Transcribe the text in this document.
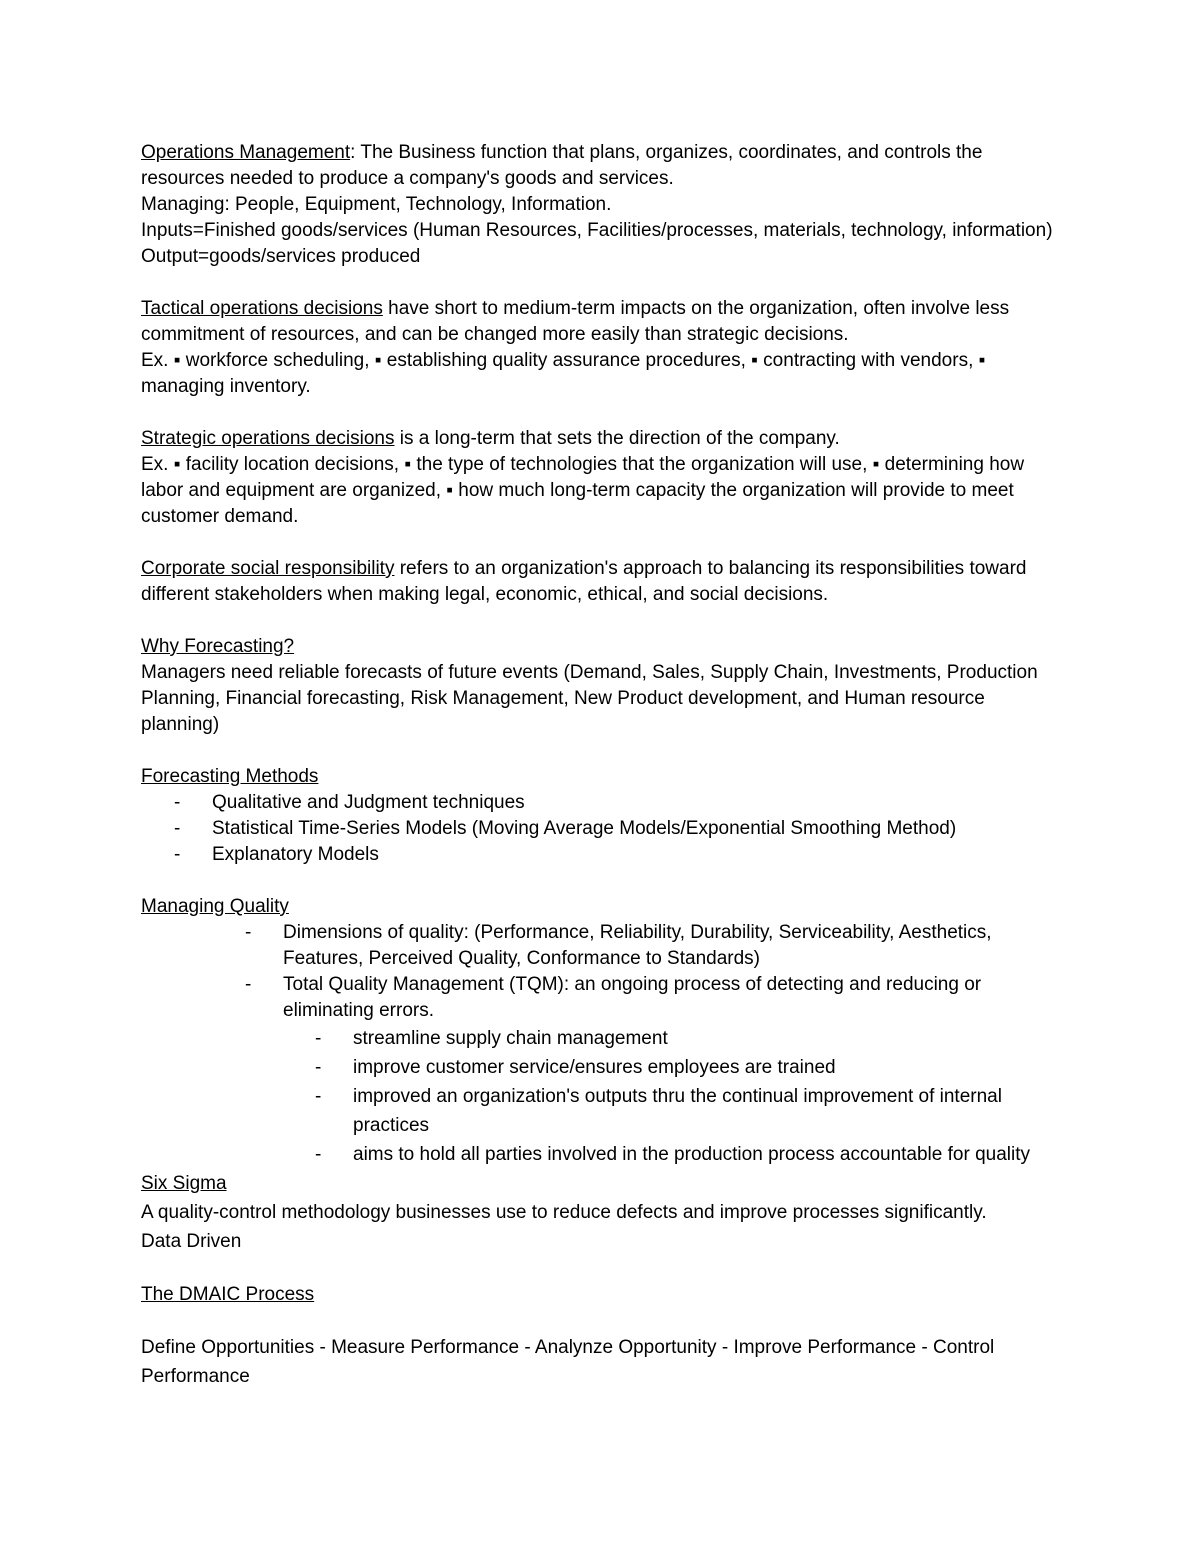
Operations Management: The Business function that plans, organizes, coordinates, and controls the resources needed to produce a company's goods and services.

Managing: People, Equipment, Technology, Information.

Inputs=Finished goods/services (Human Resources, Facilities/processes, materials, technology, information)

Output=goods/services produced

Tactical operations decisions have short to medium-term impacts on the organization, often involve less commitment of resources, and can be changed more easily than strategic decisions.

Ex. ▪ workforce scheduling, ▪ establishing quality assurance procedures, ▪ contracting with vendors, ▪ managing inventory.

Strategic operations decisions is a long-term that sets the direction of the company.

Ex. ▪ facility location decisions, ▪ the type of technologies that the organization will use, ▪ determining how labor and equipment are organized, ▪ how much long-term capacity the organization will provide to meet customer demand.

Corporate social responsibility refers to an organization's approach to balancing its responsibilities toward different stakeholders when making legal, economic, ethical, and social decisions.

Why Forecasting?

Managers need reliable forecasts of future events (Demand, Sales, Supply Chain, Investments, Production Planning, Financial forecasting, Risk Management, New Product development, and Human resource planning)

Forecasting Methods

- Qualitative and Judgment techniques
- Statistical Time-Series Models (Moving Average Models/Exponential Smoothing Method)
- Explanatory Models

Managing Quality

- Dimensions of quality: (Performance, Reliability, Durability, Serviceability, Aesthetics, Features, Perceived Quality, Conformance to Standards)
- Total Quality Management (TQM): an ongoing process of detecting and reducing or eliminating errors.
- streamline supply chain management
- improve customer service/ensures employees are trained
- improved an organization's outputs thru the continual improvement of internal practices
- aims to hold all parties involved in the production process accountable for quality

Six Sigma

A quality-control methodology businesses use to reduce defects and improve processes significantly.

Data Driven

The DMAIC Process

Define Opportunities - Measure Performance - Analynze Opportunity - Improve Performance - Control Performance
